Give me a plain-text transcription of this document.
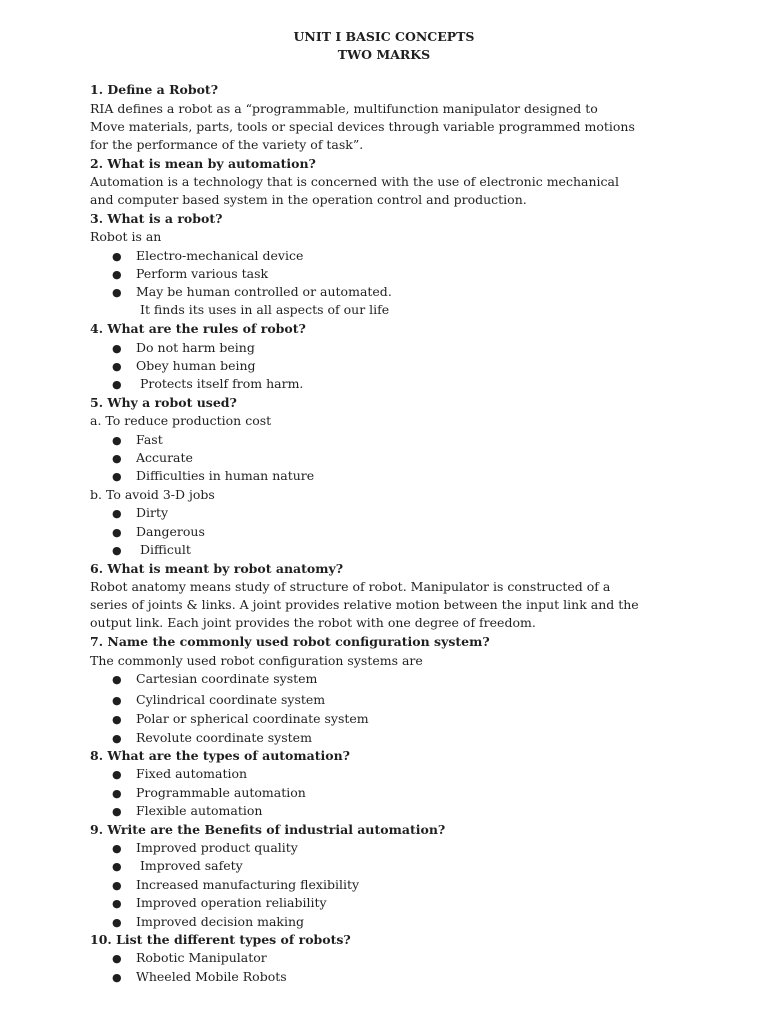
UNIT I BASIC CONCEPTS
TWO MARKS
1. Define a Robot?
RIA defines a robot as a “programmable, multifunction manipulator designed to
Move materials, parts, tools or special devices through variable programmed motions
for the performance of the variety of task”.
2. What is mean by automation?
Automation is a technology that is concerned with the use of electronic mechanical
and computer based system in the operation control and production.
3. What is a robot?
Robot is an
● Electro-mechanical device
● Perform various task
● May be human controlled or automated.
It finds its uses in all aspects of our life
4. What are the rules of robot?
● Do not harm being
● Obey human being
● Protects itself from harm.
5. Why a robot used?
a. To reduce production cost
● Fast
● Accurate
● Difficulties in human nature
b. To avoid 3-D jobs
● Dirty
● Dangerous
● Difficult
6. What is meant by robot anatomy?
Robot anatomy means study of structure of robot. Manipulator is constructed of a
series of joints & links. A joint provides relative motion between the input link and the
output link. Each joint provides the robot with one degree of freedom.
7. Name the commonly used robot configuration system?
The commonly used robot configuration systems are
● Cartesian coordinate system
● Cylindrical coordinate system
● Polar or spherical coordinate system
● Revolute coordinate system
8. What are the types of automation?
● Fixed automation
● Programmable automation
● Flexible automation
9. Write are the Benefits of industrial automation?
● Improved product quality
● Improved safety
● Increased manufacturing flexibility
● Improved operation reliability
● Improved decision making
10. List the different types of robots?
● Robotic Manipulator
● Wheeled Mobile Robots
